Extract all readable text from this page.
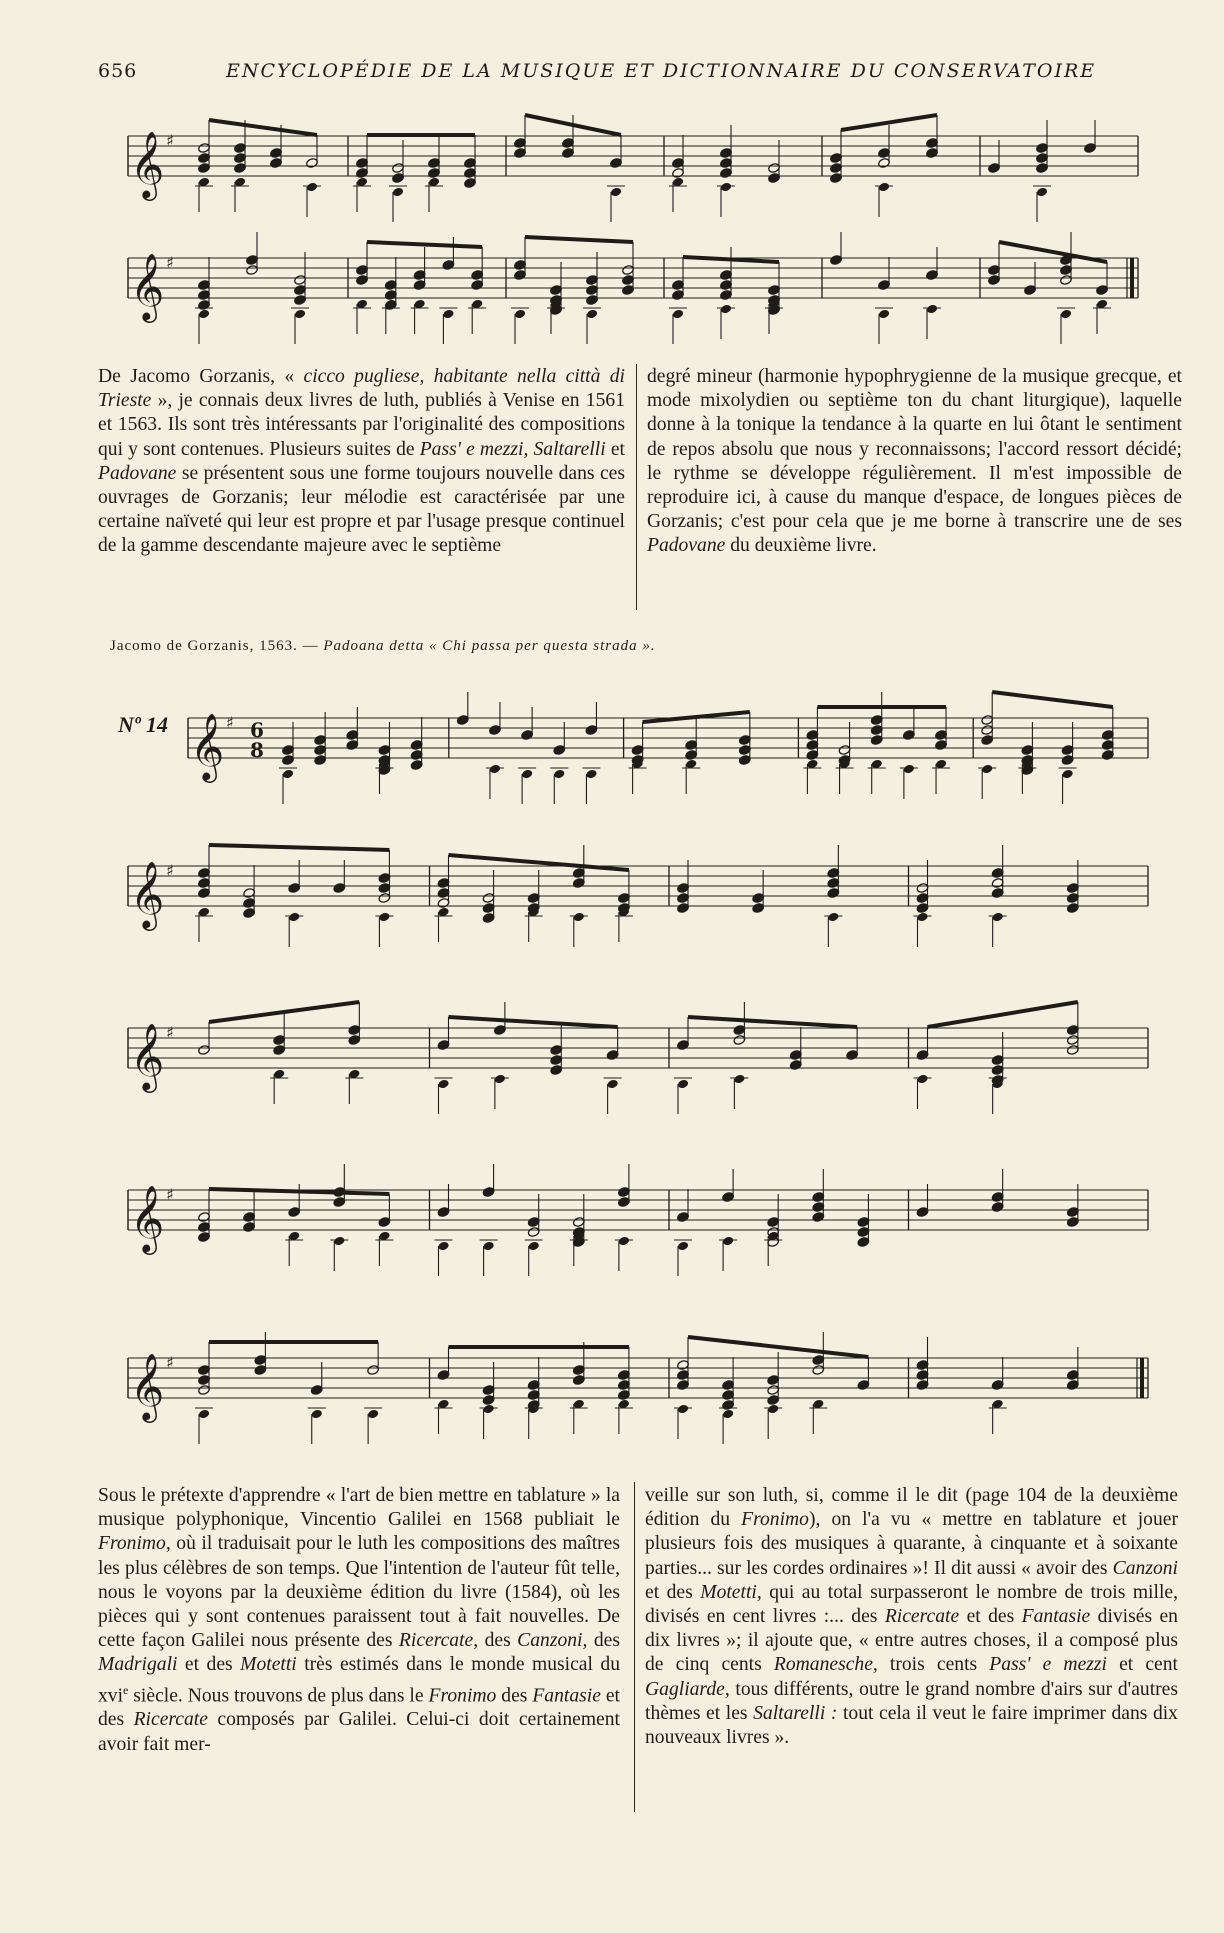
656	ENCYCLOPÉDIE DE LA MUSIQUE ET DICTIONNAIRE DU CONSERVATOIRE
𝄞 ♯
𝄞 ♯

De Jacomo Gorzanis, « cicco pugliese, habitante nella città di Trieste », je connais deux livres de luth, publiés à Venise en 1561 et 1563. Ils sont très intéressants par l'originalité des compositions qui y sont contenues. Plusieurs suites de Pass' e mezzi, Saltarelli et Padovane se présentent sous une forme toujours nouvelle dans ces ouvrages de Gorzanis; leur mélodie est caractérisée par une certaine naïveté qui leur est propre et par l'usage presque continuel de la gamme descendante majeure avec le septième

degré mineur (harmonie hypophrygienne de la musique grecque, et mode mixolydien ou septième ton du chant liturgique), laquelle donne à la tonique la tendance à la quarte en lui ôtant le sentiment de repos absolu que nous y reconnaissons; l'accord ressort décidé; le rythme se développe régulièrement. Il m'est impossible de reproduire ici, à cause du manque d'espace, de longues pièces de Gorzanis; c'est pour cela que je me borne à transcrire une de ses Padovane du deuxième livre.

Jacomo de Gorzanis, 1563. — Padoana detta « Chi passa per questa strada ».
Nº 14 𝄞 ♯ 6
8
𝄞 ♯
𝄞 ♯
𝄞 ♯
𝄞 ♯

Sous le prétexte d'apprendre « l'art de bien mettre en tablature » la musique polyphonique, Vincentio Galilei en 1568 publiait le Fronimo, où il traduisait pour le luth les compositions des maîtres les plus célèbres de son temps. Que l'intention de l'auteur fût telle, nous le voyons par la deuxième édition du livre (1584), où les pièces qui y sont contenues paraissent tout à fait nouvelles. De cette façon Galilei nous présente des Ricercate, des Canzoni, des Madrigali et des Motetti très estimés dans le monde musical du xvi$^e$ siècle. Nous trouvons de plus dans le Fronimo des Fantasie et des Ricercate composés par Galilei. Celui-ci doit certainement avoir fait mer-

veille sur son luth, si, comme il le dit (page 104 de la deuxième édition du Fronimo), on l'a vu « mettre en tablature et jouer plusieurs fois des musiques à quarante, à cinquante et à soixante parties... sur les cordes ordinaires »! Il dit aussi « avoir des Canzoni et des Motetti, qui au total surpasseront le nombre de trois mille, divisés en cent livres :... des Ricercate et des Fantasie divisés en dix livres »; il ajoute que, « entre autres choses, il a composé plus de cinq cents Romanesche, trois cents Pass' e mezzi et cent Gagliarde, tous différents, outre le grand nombre d'airs sur d'autres thèmes et les Saltarelli : tout cela il veut le faire imprimer dans dix nouveaux livres ».
